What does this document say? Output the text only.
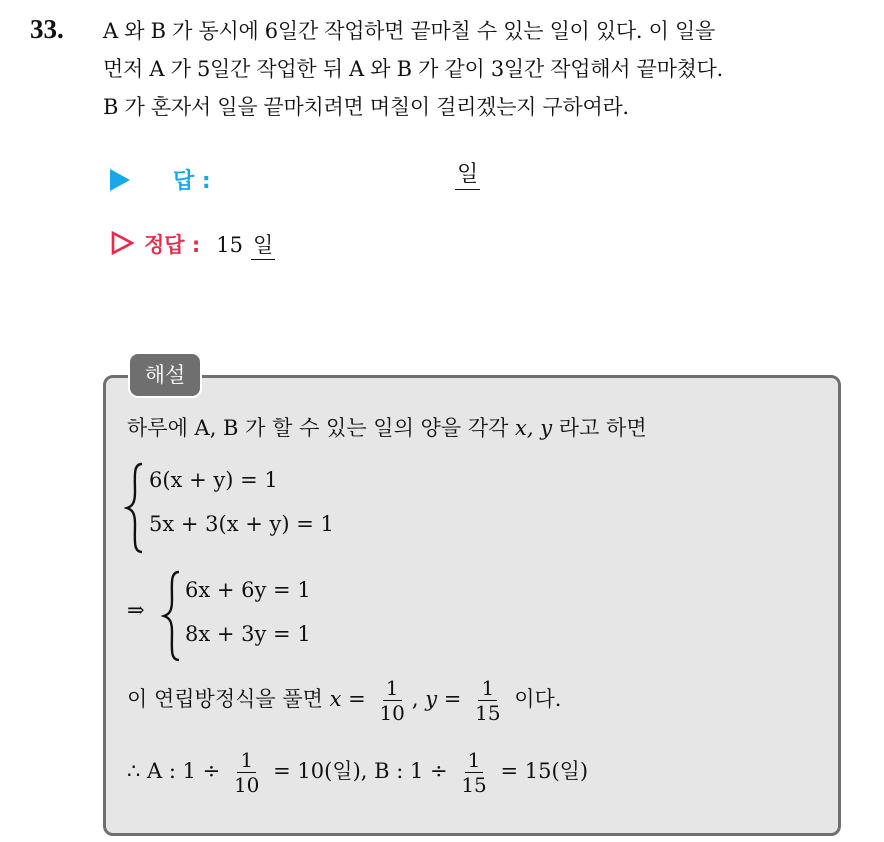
33. A 와 B 가 동시에 6일간 작업하면 끝마칠 수 있는 일이 있다. 이 일을
먼저 A 가 5일간 작업한 뒤 A 와 B 가 같이 3일간 작업해서 끝마쳤다.
B 가 혼자서 일을 끝마치려면 며칠이 걸리겠는지 구하여라.
답 :	일
정답 : 15 일
해설
하루에 A, B 가 할 수 있는 일의 양을 각각 x, y 라고 하면
6(x + y) = 1
5x + 3(x + y) = 1
⇒
6x + 6y = 1
8x + 3y = 1
이 연립방정식을 풀면 $x = \frac{1}{10}$ , $y = \frac{1}{15}$ 이다.
∴ A : $1 \div \frac{1}{10} = 10$(일), B : $1 \div \frac{1}{15} = 15$(일)
